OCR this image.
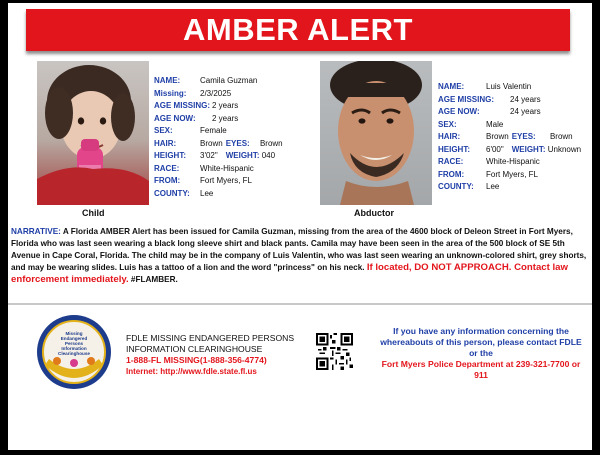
AMBER ALERT
Child
NAME: Camila Guzman
Missing: 2/3/2025
AGE MISSING: 2 years
AGE NOW: 2 years
SEX:	Female
HAIR:	Brown EYES: Brown
HEIGHT: 3'02" WEIGHT: 040
RACE:	White-Hispanic
FROM: Fort Myers, FL
COUNTY: Lee
Abductor
NAME:	Luis Valentin
AGE MISSING: 24 years
AGE NOW:	24 years
SEX:	Male
HAIR:	Brown EYES: Brown
HEIGHT: 6'00" WEIGHT: Unknown
RACE:	White-Hispanic
FROM:	Fort Myers, FL
COUNTY: Lee
NARRATIVE: A Florida AMBER Alert has been issued for Camila Guzman, missing from the area of the 4600 block of Deleon Street in Fort Myers, Florida who was last seen wearing a black long sleeve shirt and black pants. Camila may have been seen in the area of the 500 block of SE 5th Avenue in Cape Coral, Florida. The child may be in the company of Luis Valentin, who was last seen wearing an unknown-colored shirt, grey shorts, and may be wearing slides. Luis has a tattoo of a lion and the word "princess" on his neck. If located, DO NOT APPROACH. Contact law enforcement immediately. #FLAMBER.
Missing
Endangered
Persons
Information
Clearinghouse
FDLE MISSING ENDANGERED PERSONS
INFORMATION CLEARINGHOUSE
1-888-FL MISSING(1-888-356-4774)
Internet: http://www.fdle.state.fl.us
If you have any information concerning the whereabouts of this person, please contact FDLE
or the
Fort Myers Police Department at 239-321-7700 or 911
